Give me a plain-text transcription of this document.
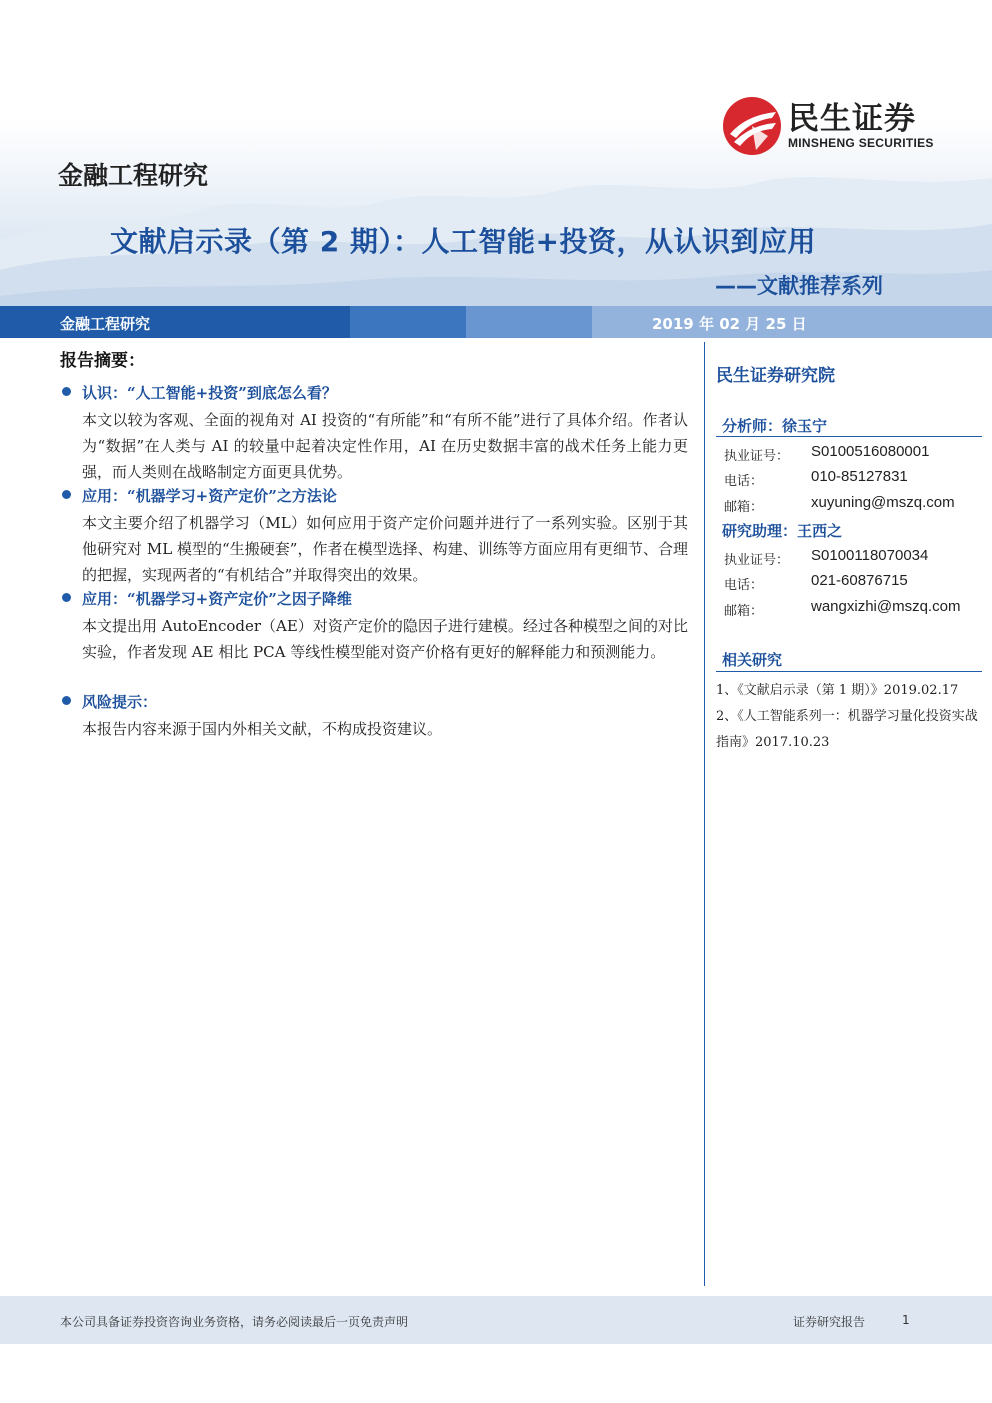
民生证券
MINSHENG SECURITIES
金融工程研究
文献启示录（第 2 期）：人工智能+投资，从认识到应用
——文献推荐系列
金融工程研究	2019 年 02 月 25 日
报告摘要：
认识：“人工智能+投资”到底怎么看？
本文以较为客观、全面的视角对 AI 投资的“有所能”和“有所不能”进行了具体介绍。作者认为“数据”在人类与 AI 的较量中起着决定性作用，AI 在历史数据丰富的战术任务上能力更强，而人类则在战略制定方面更具优势。
应用：“机器学习+资产定价”之方法论
本文主要介绍了机器学习（ML）如何应用于资产定价问题并进行了一系列实验。区别于其他研究对 ML 模型的“生搬硬套”，作者在模型选择、构建、训练等方面应用有更细节、合理的把握，实现两者的“有机结合”并取得突出的效果。
应用：“机器学习+资产定价”之因子降维
本文提出用 AutoEncoder（AE）对资产定价的隐因子进行建模。经过各种模型之间的对比实验，作者发现 AE 相比 PCA 等线性模型能对资产价格有更好的解释能力和预测能力。
风险提示：
本报告内容来源于国内外相关文献，不构成投资建议。
民生证券研究院
分析师：徐玉宁
执业证号： S0100516080001
电话：	010-85127831
邮箱：	xuyuning@mszq.com
研究助理：王西之
执业证号： S0100118070034
电话：	021-60876715
邮箱：	wangxizhi@mszq.com
相关研究
1、《文献启示录（第 1 期）》2019.02.17
2、《人工智能系列一：机器学习量化投资实战指南》2017.10.23
本公司具备证券投资咨询业务资格，请务必阅读最后一页免责声明	证券研究报告	1
